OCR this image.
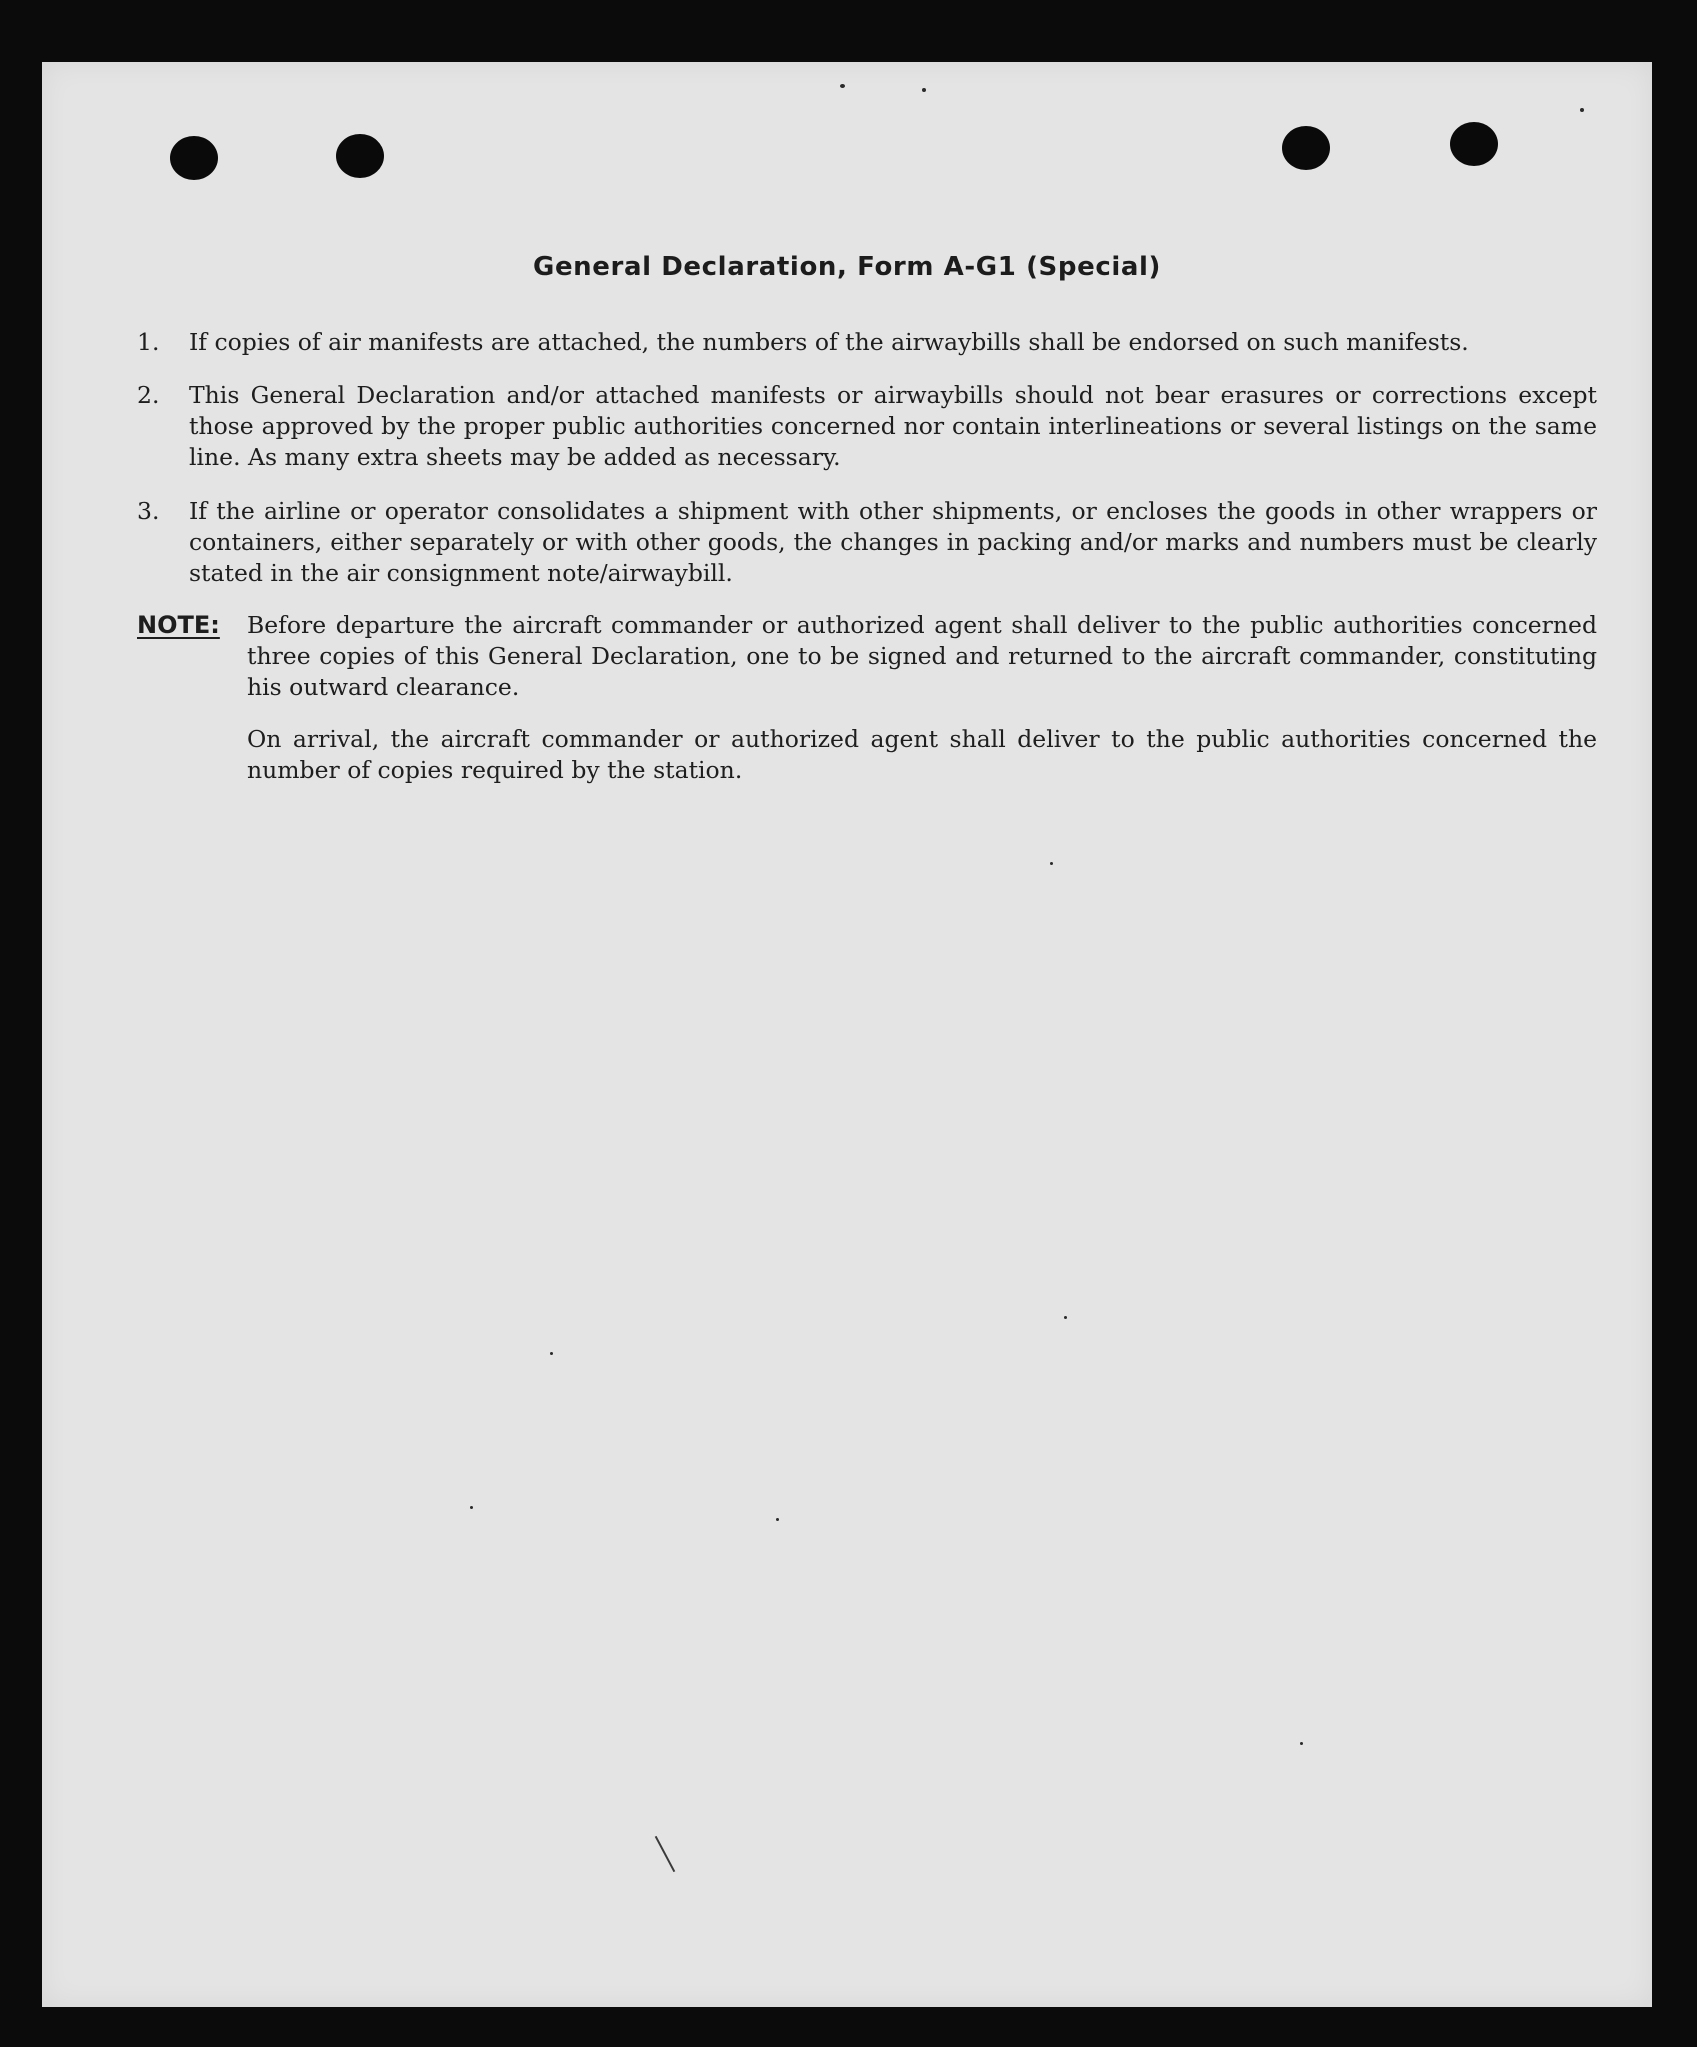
General Declaration, Form A-G1 (Special)
1. If copies of air manifests are attached, the numbers of the airwaybills shall be endorsed on such manifests.
2. This General Declaration and/or attached manifests or airwaybills should not bear erasures or corrections except those approved by the proper public authorities concerned nor contain interlineations or several listings on the same line. As many extra sheets may be added as necessary.
3. If the airline or operator consolidates a shipment with other shipments, or encloses the goods in other wrappers or containers, either separately or with other goods, the changes in packing and/or marks and numbers must be clearly stated in the air consignment note/airwaybill.
NOTE: Before departure the aircraft commander or authorized agent shall deliver to the public authorities concerned three copies of this General Declaration, one to be signed and returned to the aircraft commander, constituting his outward clearance.
On arrival, the aircraft commander or authorized agent shall deliver to the public authorities concerned the number of copies required by the station.
